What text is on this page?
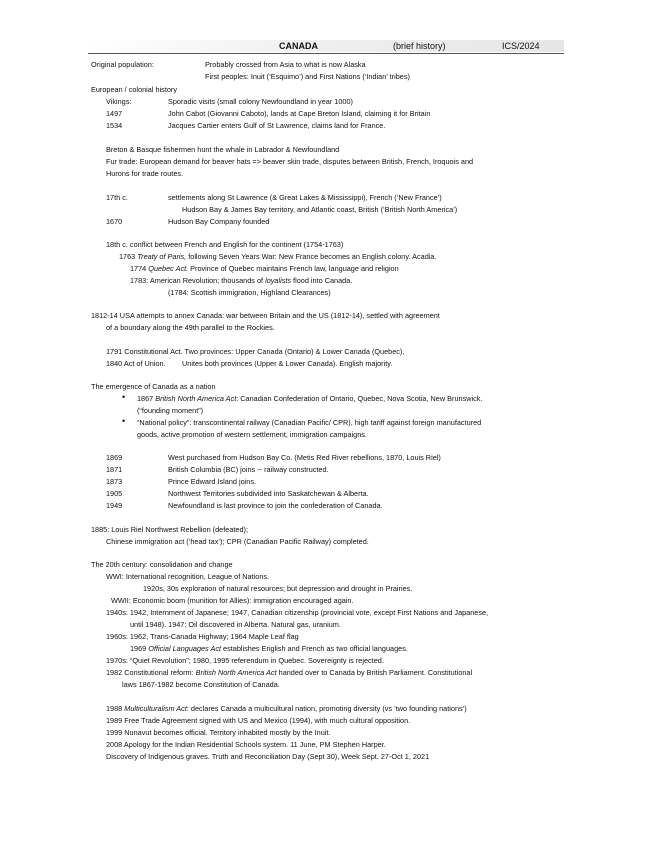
CANADA	(brief history)	ICS/2024
Original population:	Probably crossed from Asia to what is now Alaska
First peoples: Inuit (‘Esquimo’) and First Nations (‘Indian’ tribes)
European / colonial history
Vikings:	Sporadic visits (small colony Newfoundland in year 1000)
1497	John Cabot (Giovanni Caboto), lands at Cape Breton Island, claiming it for Britain
1534	Jacques Cartier enters Gulf of St Lawrence, claims land for France.
Breton & Basque fishermen hunt the whale in Labrador & Newfoundland
Fur trade: European demand for beaver hats => beaver skin trade, disputes between British, French, Iroquois and
Hurons for trade routes.
17th c.	settlements along St Lawrence (& Great Lakes & Mississippi), French (‘New France’)
Hudson Bay & James Bay territory, and Atlantic coast, British (‘British North America’)
1670	Hudson Bay Company founded
18th c. conflict between French and English for the continent (1754-1763)
1763 Treaty of Paris, following Seven Years War: New France becomes an English colony. Acadia.
1774 Quebec Act. Province of Quebec maintains French law, language and religion
1783: American Revolution; thousands of loyalists flood into Canada.
(1784: Scottish immigration, Highland Clearances)
1812-14 USA attempts to annex Canada: war between Britain and the US (1812-14), settled with agreement
of a boundary along the 49th parallel to the Rockies.
1791 Constitutional Act. Two provinces: Upper Canada (Ontario) & Lower Canada (Quebec),
1840 Act of Union. Unites both provinces (Upper & Lower Canada). English majority.
The emergence of Canada as a nation
• 1867 British North America Act: Canadian Confederation of Ontario, Quebec, Nova Scotia, New Brunswick.
(“founding moment”)
• “National policy”: transcontinental railway (Canadian Pacific/ CPR), high tariff against foreign manufactured
goods, active promotion of western settlement, immigration campaigns.
1869	West purchased from Hudson Bay Co. (Metis Red River rebellions, 1870, Louis Riel)
1871	British Columbia (BC) joins -- railway constructed.
1873	Prince Edward Island joins.
1905	Northwest Territories subdivided into Saskatchewan & Alberta.
1949	Newfoundland is last province to join the confederation of Canada.
1885: Louis Riel Northwest Rebellion (defeated);
Chinese immigration act (‘head tax’); CPR (Canadian Pacific Railway) completed.
The 20th century: consolidation and change
WWI: International recognition, League of Nations.
1920s, 30s exploration of natural resources; but depression and drought in Prairies.
WWII: Economic boom (munition for Allies): immigration encouraged again.
1940s: 1942, Internment of Japanese; 1947, Canadian citizenship (provincial vote, except First Nations and Japanese,
until 1948). 1947: Oil discovered in Alberta. Natural gas, uranium.
1960s: 1962, Trans-Canada Highway; 1964 Maple Leaf flag
1969 Official Languages Act establishes English and French as two official languages.
1970s: “Quiet Revolution”; 1980, 1995 referendum in Quebec. Sovereignty is rejected.
1982 Constitutional reform: British North America Act handed over to Canada by British Parliament. Constitutional
laws 1867-1982 become Constitution of Canada.
1988 Multiculturalism Act: declares Canada a multicultural nation, promoting diversity (vs ‘two founding nations’)
1989 Free Trade Agreement signed with US and Mexico (1994), with much cultural opposition.
1999 Nunavut becomes official. Territory inhabited mostly by the Inuit.
2008 Apology for the Indian Residential Schools system. 11 June, PM Stephen Harper.
Discovery of Indigenous graves. Truth and Reconciliation Day (Sept 30), Week Sept. 27-Oct 1, 2021
